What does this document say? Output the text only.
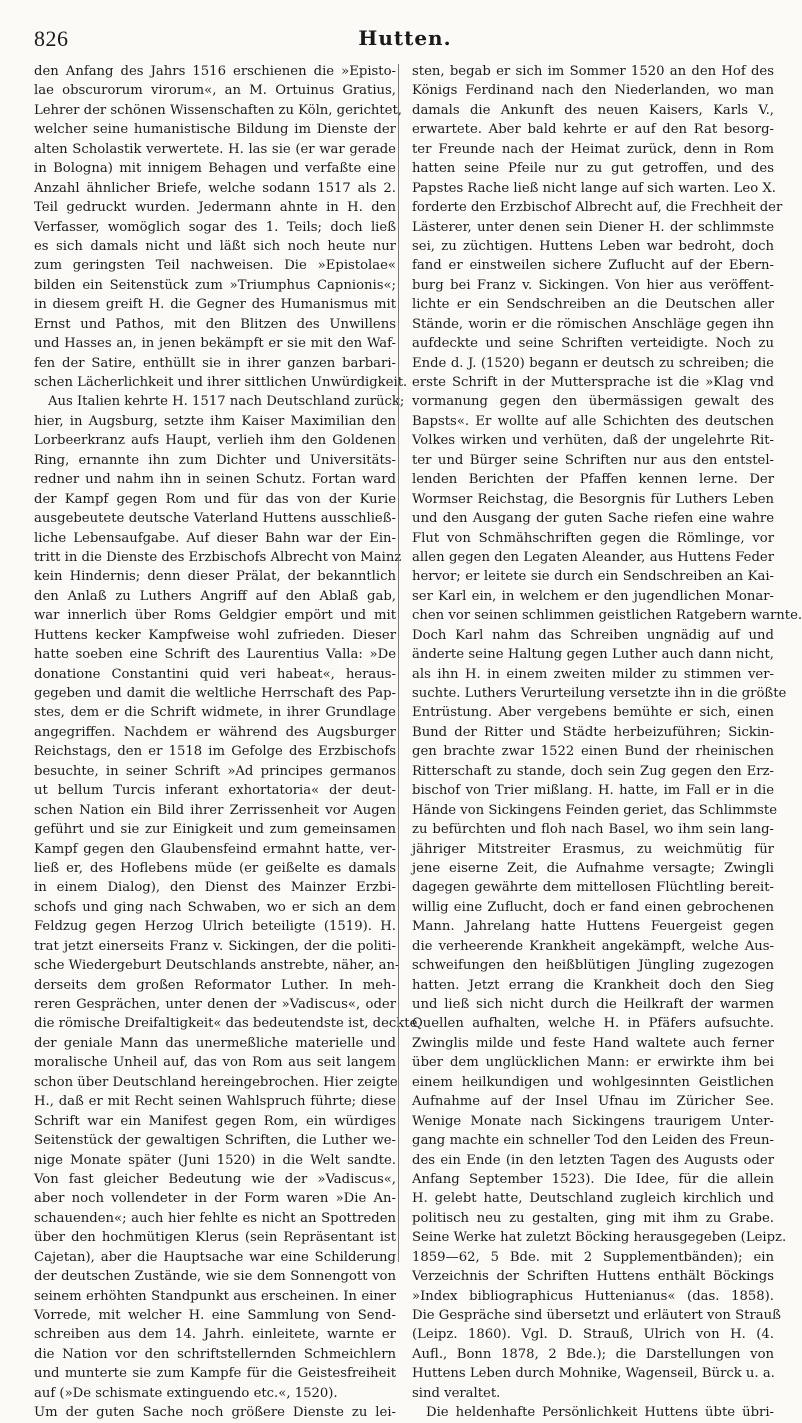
826	Hutten.
den Anfang des Jahrs 1516 erschienen die »Episto-
lae obscurorum virorum«, an M. Ortuinus Gratius,
Lehrer der schönen Wissenschaften zu Köln, gerichtet,
welcher seine humanistische Bildung im Dienste der
alten Scholastik verwertete. H. las sie (er war gerade
in Bologna) mit innigem Behagen und verfaßte eine
Anzahl ähnlicher Briefe, welche sodann 1517 als 2.
Teil gedruckt wurden. Jedermann ahnte in H. den
Verfasser, womöglich sogar des 1. Teils; doch ließ
es sich damals nicht und läßt sich noch heute nur
zum geringsten Teil nachweisen. Die »Epistolae«
bilden ein Seitenstück zum »Triumphus Capnionis«;
in diesem greift H. die Gegner des Humanismus mit
Ernst und Pathos, mit den Blitzen des Unwillens
und Hasses an, in jenen bekämpft er sie mit den Waf-
fen der Satire, enthüllt sie in ihrer ganzen barbari-
schen Lächerlichkeit und ihrer sittlichen Unwürdigkeit.
Aus Italien kehrte H. 1517 nach Deutschland zurück;
hier, in Augsburg, setzte ihm Kaiser Maximilian den
Lorbeerkranz aufs Haupt, verlieh ihm den Goldenen
Ring, ernannte ihn zum Dichter und Universitäts-
redner und nahm ihn in seinen Schutz. Fortan ward
der Kampf gegen Rom und für das von der Kurie
ausgebeutete deutsche Vaterland Huttens ausschließ-
liche Lebensaufgabe. Auf dieser Bahn war der Ein-
tritt in die Dienste des Erzbischofs Albrecht von Mainz
kein Hindernis; denn dieser Prälat, der bekanntlich
den Anlaß zu Luthers Angriff auf den Ablaß gab,
war innerlich über Roms Geldgier empört und mit
Huttens kecker Kampfweise wohl zufrieden. Dieser
hatte soeben eine Schrift des Laurentius Valla: »De
donatione Constantini quid veri habeat«, heraus-
gegeben und damit die weltliche Herrschaft des Pap-
stes, dem er die Schrift widmete, in ihrer Grundlage
angegriffen. Nachdem er während des Augsburger
Reichstags, den er 1518 im Gefolge des Erzbischofs
besuchte, in seiner Schrift »Ad principes germanos
ut bellum Turcis inferant exhortatoria« der deut-
schen Nation ein Bild ihrer Zerrissenheit vor Augen
geführt und sie zur Einigkeit und zum gemeinsamen
Kampf gegen den Glaubensfeind ermahnt hatte, ver-
ließ er, des Hoflebens müde (er geißelte es damals
in einem Dialog), den Dienst des Mainzer Erzbi-
schofs und ging nach Schwaben, wo er sich an dem
Feldzug gegen Herzog Ulrich beteiligte (1519). H.
trat jetzt einerseits Franz v. Sickingen, der die politi-
sche Wiedergeburt Deutschlands anstrebte, näher, an-
derseits dem großen Reformator Luther. In meh-
reren Gesprächen, unter denen der »Vadiscus«, oder
die römische Dreifaltigkeit« das bedeutendste ist, deckte
der geniale Mann das unermeßliche materielle und
moralische Unheil auf, das von Rom aus seit langem
schon über Deutschland hereingebrochen. Hier zeigte
H., daß er mit Recht seinen Wahlspruch führte; diese
Schrift war ein Manifest gegen Rom, ein würdiges
Seitenstück der gewaltigen Schriften, die Luther we-
nige Monate später (Juni 1520) in die Welt sandte.
Von fast gleicher Bedeutung wie der »Vadiscus«,
aber noch vollendeter in der Form waren »Die An-
schauenden«; auch hier fehlte es nicht an Spottreden
über den hochmütigen Klerus (sein Repräsentant ist
Cajetan), aber die Hauptsache war eine Schilderung
der deutschen Zustände, wie sie dem Sonnengott von
seinem erhöhten Standpunkt aus erscheinen. In einer
Vorrede, mit welcher H. eine Sammlung von Send-
schreiben aus dem 14. Jahrh. einleitete, warnte er
die Nation vor den schriftstellernden Schmeichlern
und munterte sie zum Kampfe für die Geistesfreiheit
auf (»De schismate extinguendo etc.«, 1520).
Um der guten Sache noch größere Dienste zu lei-
sten, begab er sich im Sommer 1520 an den Hof des
Königs Ferdinand nach den Niederlanden, wo man
damals die Ankunft des neuen Kaisers, Karls V.,
erwartete. Aber bald kehrte er auf den Rat besorg-
ter Freunde nach der Heimat zurück, denn in Rom
hatten seine Pfeile nur zu gut getroffen, und des
Papstes Rache ließ nicht lange auf sich warten. Leo X.
forderte den Erzbischof Albrecht auf, die Frechheit der
Lästerer, unter denen sein Diener H. der schlimmste
sei, zu züchtigen. Huttens Leben war bedroht, doch
fand er einstweilen sichere Zuflucht auf der Ebern-
burg bei Franz v. Sickingen. Von hier aus veröffent-
lichte er ein Sendschreiben an die Deutschen aller
Stände, worin er die römischen Anschläge gegen ihn
aufdeckte und seine Schriften verteidigte. Noch zu
Ende d. J. (1520) begann er deutsch zu schreiben; die
erste Schrift in der Muttersprache ist die »Klag vnd
vormanung gegen den übermässigen gewalt des
Bapsts«. Er wollte auf alle Schichten des deutschen
Volkes wirken und verhüten, daß der ungelehrte Rit-
ter und Bürger seine Schriften nur aus den entstel-
lenden Berichten der Pfaffen kennen lerne. Der
Wormser Reichstag, die Besorgnis für Luthers Leben
und den Ausgang der guten Sache riefen eine wahre
Flut von Schmähschriften gegen die Römlinge, vor
allen gegen den Legaten Aleander, aus Huttens Feder
hervor; er leitete sie durch ein Sendschreiben an Kai-
ser Karl ein, in welchem er den jugendlichen Monar-
chen vor seinen schlimmen geistlichen Ratgebern warnte.
Doch Karl nahm das Schreiben ungnädig auf und
änderte seine Haltung gegen Luther auch dann nicht,
als ihn H. in einem zweiten milder zu stimmen ver-
suchte. Luthers Verurteilung versetzte ihn in die größte
Entrüstung. Aber vergebens bemühte er sich, einen
Bund der Ritter und Städte herbeizuführen; Sickin-
gen brachte zwar 1522 einen Bund der rheinischen
Ritterschaft zu stande, doch sein Zug gegen den Erz-
bischof von Trier mißlang. H. hatte, im Fall er in die
Hände von Sickingens Feinden geriet, das Schlimmste
zu befürchten und floh nach Basel, wo ihm sein lang-
jähriger Mitstreiter Erasmus, zu weichmütig für
jene eiserne Zeit, die Aufnahme versagte; Zwingli
dagegen gewährte dem mittellosen Flüchtling bereit-
willig eine Zuflucht, doch er fand einen gebrochenen
Mann. Jahrelang hatte Huttens Feuergeist gegen
die verheerende Krankheit angekämpft, welche Aus-
schweifungen den heißblütigen Jüngling zugezogen
hatten. Jetzt errang die Krankheit doch den Sieg
und ließ sich nicht durch die Heilkraft der warmen
Quellen aufhalten, welche H. in Pfäfers aufsuchte.
Zwinglis milde und feste Hand waltete auch ferner
über dem unglücklichen Mann: er erwirkte ihm bei
einem heilkundigen und wohlgesinnten Geistlichen
Aufnahme auf der Insel Ufnau im Züricher See.
Wenige Monate nach Sickingens traurigem Unter-
gang machte ein schneller Tod den Leiden des Freun-
des ein Ende (in den letzten Tagen des Augusts oder
Anfang September 1523). Die Idee, für die allein
H. gelebt hatte, Deutschland zugleich kirchlich und
politisch neu zu gestalten, ging mit ihm zu Grabe.
Seine Werke hat zuletzt Böcking herausgegeben (Leipz.
1859—62, 5 Bde. mit 2 Supplementbänden); ein
Verzeichnis der Schriften Huttens enthält Böckings
»Index bibliographicus Huttenianus« (das. 1858).
Die Gespräche sind übersetzt und erläutert von Strauß
(Leipz. 1860). Vgl. D. Strauß, Ulrich von H. (4.
Aufl., Bonn 1878, 2 Bde.); die Darstellungen von
Huttens Leben durch Mohnike, Wagenseil, Bürck u. a.
sind veraltet.
Die heldenhafte Persönlichkeit Huttens übte übri-
